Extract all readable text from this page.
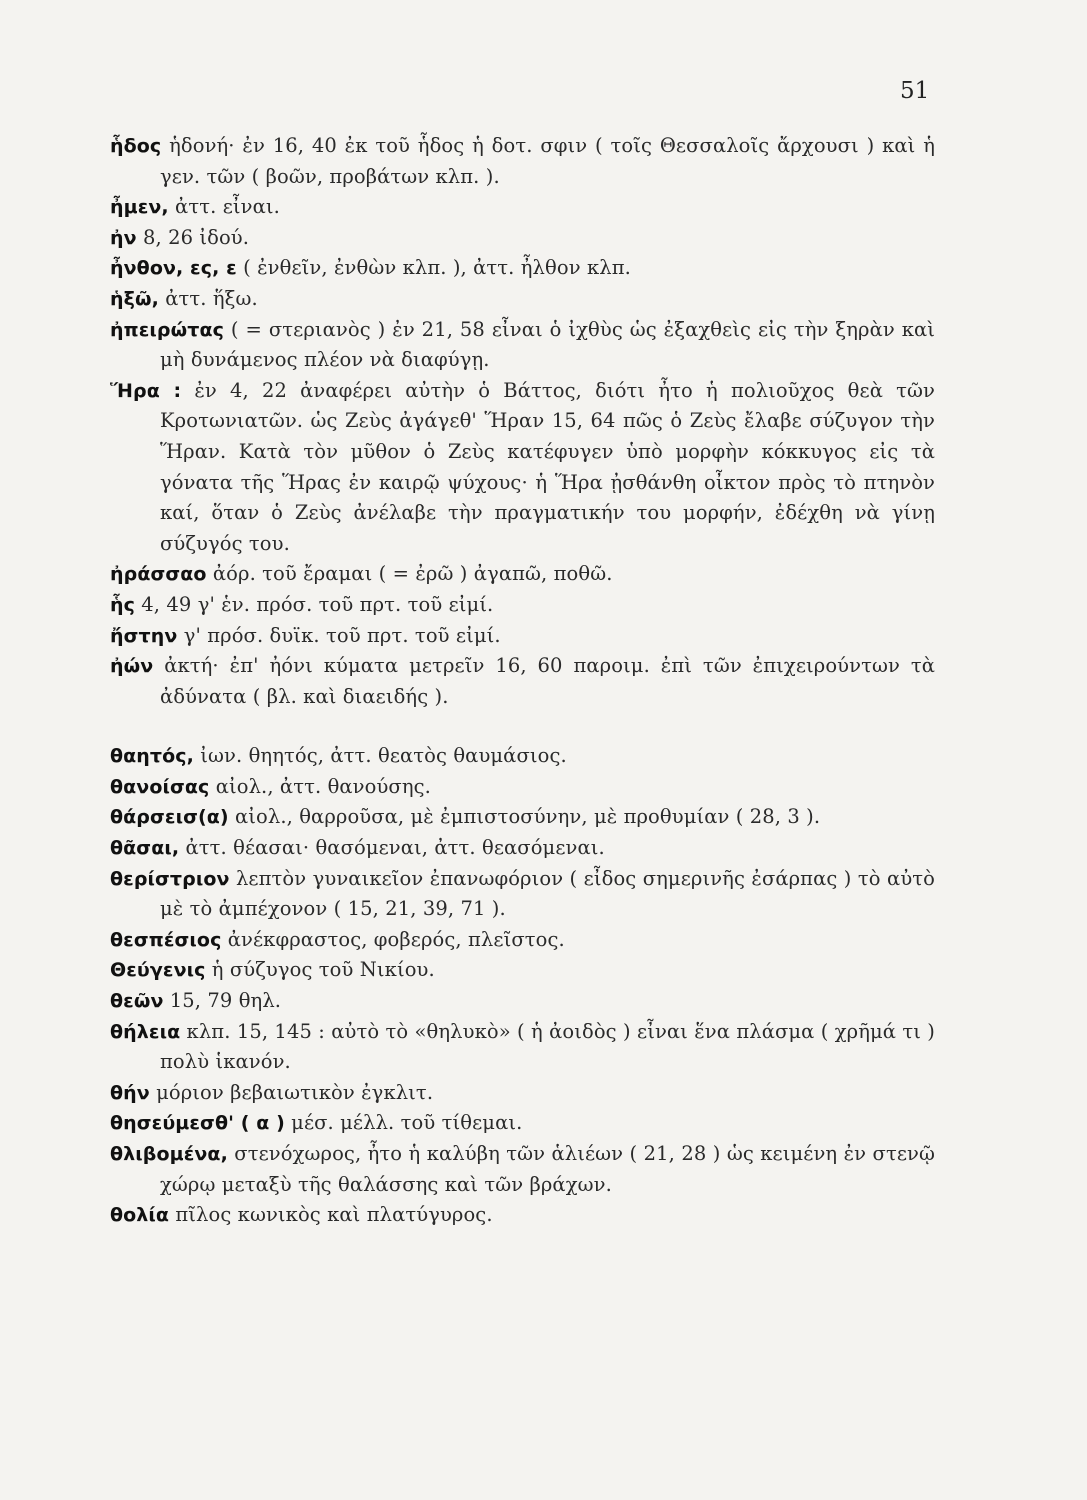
51

ἧδος ἡδονή· ἐν 16, 40 ἐκ τοῦ ἧδος ἡ δοτ. σφιν ( τοῖς Θεσσαλοῖς ἄρχουσι ) καὶ ἡ γεν. τῶν ( βοῶν, προβάτων κλπ. ).

ἦμεν, ἀττ. εἶναι.

ἠν 8, 26 ἰδού.

ἦνθον, ες, ε ( ἐνθεῖν, ἐνθὼν κλπ. ), ἀττ. ἦλθον κλπ.

ἡξῶ, ἀττ. ἥξω.

ἠπειρώτας ( = στεριανὸς ) ἐν 21, 58 εἶναι ὁ ἰχθὺς ὡς ἐξαχθεὶς εἰς τὴν ξηρὰν καὶ μὴ δυνάμενος πλέον νὰ διαφύγῃ.

Ἥρα : ἐν 4, 22 ἀναφέρει αὐτὴν ὁ Βάττος, διότι ἦτο ἡ πολιοῦχος θεὰ τῶν Κροτωνιατῶν. ὡς Ζεὺς ἀγάγεθ' Ἥραν 15, 64 πῶς ὁ Ζεὺς ἔλαβε σύζυγον τὴν Ἥραν. Κατὰ τὸν μῦθον ὁ Ζεὺς κατέφυγεν ὑπὸ μορφὴν κόκκυγος εἰς τὰ γόνατα τῆς Ἥρας ἐν καιρῷ ψύχους· ἡ Ἥρα ᾐσθάνθη οἶκτον πρὸς τὸ πτηνὸν καί, ὅταν ὁ Ζεὺς ἀνέλαβε τὴν πραγματικήν του μορφήν, ἐδέχθη νὰ γίνῃ σύζυγός του.

ἠράσσαο ἀόρ. τοῦ ἔραμαι ( = ἐρῶ ) ἀγαπῶ, ποθῶ.

ἧς 4, 49 γ' ἑν. πρόσ. τοῦ πρτ. τοῦ εἰμί.

ἤστην γ' πρόσ. δυϊκ. τοῦ πρτ. τοῦ εἰμί.

ἠών ἀκτή· ἐπ' ἠόνι κύματα μετρεῖν 16, 60 παροιμ. ἐπὶ τῶν ἐπιχειρούντων τὰ ἀδύνατα ( βλ. καὶ διαειδής ).

θαητός, ἰων. θηητός, ἀττ. θεατὸς θαυμάσιος.

θανοίσας αἰολ., ἀττ. θανούσης.

θάρσεισ(α) αἰολ., θαρροῦσα, μὲ ἐμπιστοσύνην, μὲ προθυμίαν ( 28, 3 ).

θᾶσαι, ἀττ. θέασαι· θασόμεναι, ἀττ. θεασόμεναι.

θερίστριον λεπτὸν γυναικεῖον ἐπανωφόριον ( εἶδος σημερινῆς ἐσάρπας ) τὸ αὐτὸ μὲ τὸ ἀμπέχονον ( 15, 21, 39, 71 ).

θεσπέσιος ἀνέκφραστος, φοβερός, πλεῖστος.

Θεύγενις ἡ σύζυγος τοῦ Νικίου.

θεῶν 15, 79 θηλ.

θήλεια κλπ. 15, 145 : αὐτὸ τὸ «θηλυκὸ» ( ἡ ἀοιδὸς ) εἶναι ἕνα πλάσμα ( χρῆμά τι ) πολὺ ἱκανόν.

θήν μόριον βεβαιωτικὸν ἐγκλιτ.

θησεύμεσθ' ( α ) μέσ. μέλλ. τοῦ τίθεμαι.

θλιβομένα, στενόχωρος, ἦτο ἡ καλύβη τῶν ἁλιέων ( 21, 28 ) ὡς κειμένη ἐν στενῷ χώρῳ μεταξὺ τῆς θαλάσσης καὶ τῶν βράχων.

θολία πῖλος κωνικὸς καὶ πλατύγυρος.
